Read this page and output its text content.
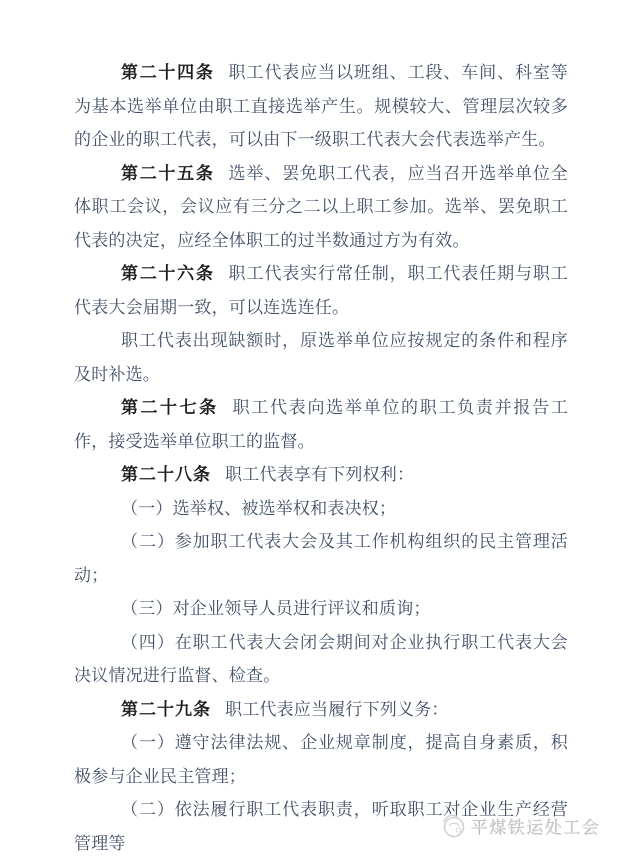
第二十四条 职工代表应当以班组、工段、车间、科室等为基本选举单位由职工直接选举产生。规模较大、管理层次较多的企业的职工代表，可以由下一级职工代表大会代表选举产生。

第二十五条 选举、罢免职工代表，应当召开选举单位全体职工会议，会议应有三分之二以上职工参加。选举、罢免职工代表的决定，应经全体职工的过半数通过方为有效。

第二十六条 职工代表实行常任制，职工代表任期与职工代表大会届期一致，可以连选连任。

职工代表出现缺额时，原选举单位应按规定的条件和程序及时补选。

第二十七条 职工代表向选举单位的职工负责并报告工作，接受选举单位职工的监督。

第二十八条 职工代表享有下列权利：

（一）选举权、被选举权和表决权；

（二）参加职工代表大会及其工作机构组织的民主管理活动；

（三）对企业领导人员进行评议和质询；

（四）在职工代表大会闭会期间对企业执行职工代表大会决议情况进行监督、检查。

第二十九条 职工代表应当履行下列义务：

（一）遵守法律法规、企业规章制度，提高自身素质，积极参与企业民主管理；

（二）依法履行职工代表职责，听取职工对企业生产经营管理等

平煤铁运处工会
